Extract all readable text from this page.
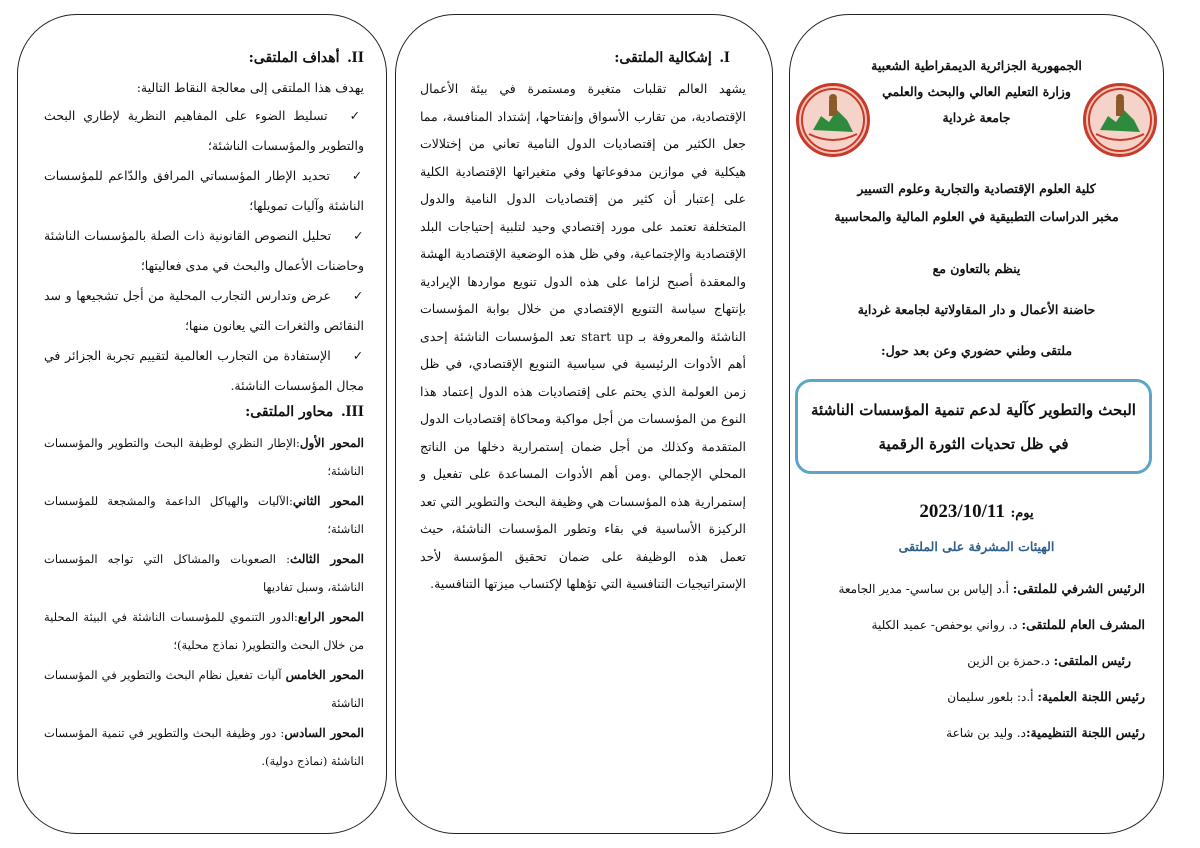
II.أهداف الملتقى:

يهدف هذا الملتقى إلى معالجة النقاط التالية:

✓تسليط الضوء على المفاهيم النظرية لإطاري البحث والتطوير والمؤسسات الناشئة؛

✓تحديد الإطار المؤسساتي المرافق والدّاعم للمؤسسات الناشئة وآليات تمويلها؛

✓تحليل النصوص القانونية ذات الصلة بالمؤسسات الناشئة وحاضنات الأعمال والبحث في مدى فعاليتها؛

✓عرض وتدارس التجارب المحلية من أجل تشجيعها و سد النقائص والثغرات التي يعانون منها؛

✓الإستفادة من التجارب العالمية لتقييم تجربة الجزائر في مجال المؤسسات الناشئة.

III.محاور الملتقى:

المحور الأول:الإطار النظري لوظيفة البحث والتطوير والمؤسسات الناشئة؛

المحور الثاني:الآليات والهياكل الداعمة والمشجعة للمؤسسات الناشئة؛

المحور الثالث: الصعوبات والمشاكل التي تواجه المؤسسات الناشئة، وسبل تفاديها

المحور الرابع:الدور التنموي للمؤسسات الناشئة في البيئة المحلية من خلال البحث والتطوير( نماذج محلية)؛

المحور الخامس آليات تفعيل نظام البحث والتطوير في المؤسسات الناشئة

المحور السادس: دور وظيفة البحث والتطوير في تنمية المؤسسات الناشئة (نماذج دولية).

I.إشكالية الملتقى:

يشهد العالم تقلبات متغيرة ومستمرة في بيئة الأعمال الإقتصادية، من تقارب الأسواق وإنفتاحها، إشتداد المنافسة، مما جعل الكثير من إقتصاديات الدول النامية تعاني من إختلالات هيكلية في موازين مدفوعاتها وفي متغيراتها الإقتصادية الكلية على إعتبار أن كثير من إقتصاديات الدول النامية والدول المتخلفة تعتمد على مورد إقتصادي وحيد لتلبية إحتياجات البلد الإقتصادية والإجتماعية، وفي ظل هذه الوضعية الإقتصادية الهشة والمعقدة أصبح لزاما على هذه الدول تنويع مواردها الإيرادية بإنتهاج سياسة التنويع الإقتصادي من خلال بوابة المؤسسات الناشئة والمعروفة بـ start up تعد المؤسسات الناشئة إحدى أهم الأدوات الرئيسية في سياسية التنويع الإقتصادي، في ظل زمن العولمة الذي يحتم على إقتصاديات هذه الدول إعتماد هذا النوع من المؤسسات من أجل مواكبة ومحاكاة إقتصاديات الدول المتقدمة وكذلك من أجل ضمان إستمرارية دخلها من الناتج المحلي الإجمالي .ومن أهم الأدوات المساعدة على تفعيل و إستمرارية هذه المؤسسات هي وظيفة البحث والتطوير التي تعد الركيزة الأساسية في بقاء وتطور المؤسسات الناشئة، حيث تعمل هذه الوظيفة على ضمان تحقيق المؤسسة لأحد الإستراتيجيات التنافسية التي تؤهلها لإكتساب ميزتها التنافسية.

الجمهورية الجزائرية الديمقراطية الشعبية
وزارة التعليم العالي والبحث والعلمي
جامعة غرداية
كلية العلوم الإقتصادية والتجارية وعلوم التسيير
مخبر الدراسات التطبيقية في العلوم المالية والمحاسبية
ينظم بالتعاون مع
حاضنة الأعمال و دار المقاولاتية لجامعة غرداية
ملتقى وطني حضوري وعن بعد حول:
البحث والتطوير كآلية لدعم تنمية المؤسسات الناشئة في ظل تحديات الثورة الرقمية
يوم: 2023/10/11
الهيئات المشرفة على الملتقى
الرئيس الشرفي للملتقى: أ.د إلياس بن ساسي- مدير الجامعة
المشرف العام للملتقى: د. رواني بوحفص- عميد الكلية
رئيس الملتقى: د.حمزة بن الزين
رئيس اللجنة العلمية: أ.د: بلعور سليمان
رئيس اللجنة التنظيمية:د. وليد بن شاعة
